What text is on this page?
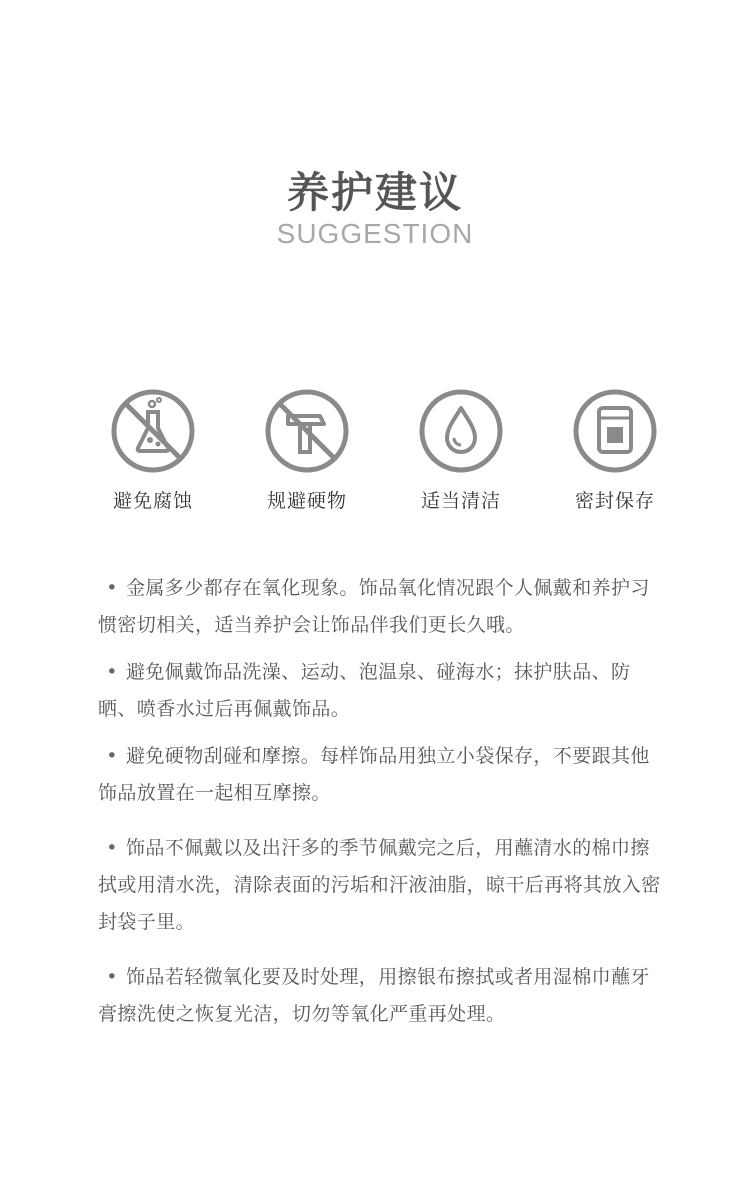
养护建议
SUGGESTION
避免腐蚀	规避硬物	适当清洁	密封保存
• 金属多少都存在氧化现象。饰品氧化情况跟个人佩戴和养护习惯密切相关，适当养护会让饰品伴我们更长久哦。
• 避免佩戴饰品洗澡、运动、泡温泉、碰海水；抹护肤品、防晒、喷香水过后再佩戴饰品。
• 避免硬物刮碰和摩擦。每样饰品用独立小袋保存，不要跟其他饰品放置在一起相互摩擦。
• 饰品不佩戴以及出汗多的季节佩戴完之后，用蘸清水的棉巾擦拭或用清水洗，清除表面的污垢和汗液油脂，晾干后再将其放入密封袋子里。
• 饰品若轻微氧化要及时处理，用擦银布擦拭或者用湿棉巾蘸牙膏擦洗使之恢复光洁，切勿等氧化严重再处理。
